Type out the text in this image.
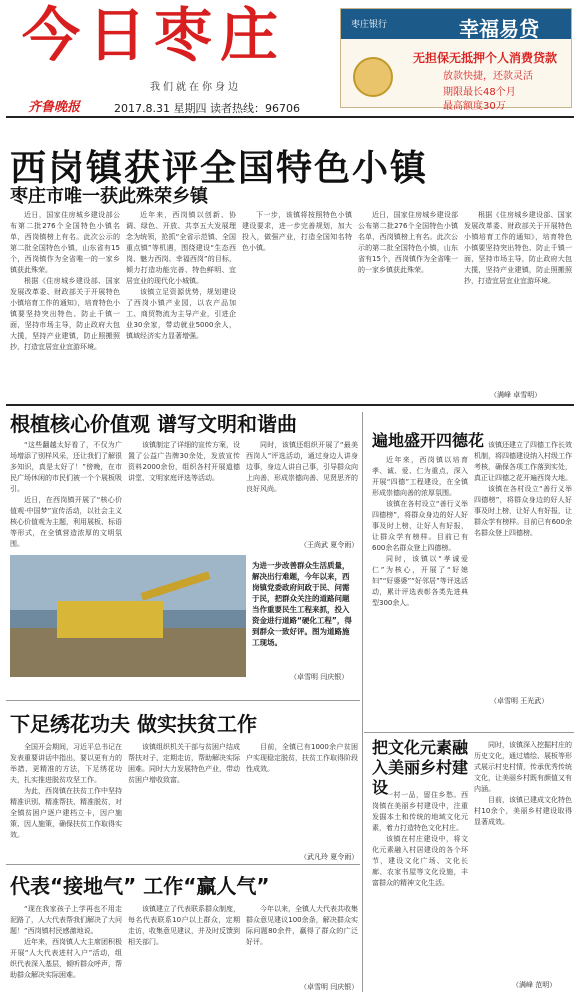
今日枣庄
我们就在你身边
齐鲁晚报	2017.8.31 星期四 读者热线：96706
枣庄银行	幸福易贷
无担保无抵押个人消费贷款
放款快捷，还款灵活
期限最长48个月
最高额度30万
西岗镇获评全国特色小镇
枣庄市唯一获此殊荣乡镇

近日，国家住房城乡建设部公布第二批276个全国特色小镇名单，西岗镇榜上有名。此次公示的第二批全国特色小镇，山东省有15个，西岗镇作为全省唯一的一家乡镇获此殊荣。

根据《住房城乡建设部、国家发展改革委、财政部关于开展特色小镇培育工作的通知》，培育特色小镇要坚持突出特色、防止千镇一面，坚持市场主导，防止政府大包大揽，坚持产业建镇，防止照搬照抄，打造宜居宜业宜游环境。

近年来，西岗镇以创新、协调、绿色、开放、共享五大发展理念为统领，抢抓“全省示范镇、全国重点镇”等机遇，围绕建设“生态西岗、魅力西岗、幸福西岗”的目标，倾力打造功能完善、特色鲜明、宜居宜业的现代化小城镇。

该镇立足资源优势，规划建设了西岗小镇产业园，以农产品加工、商贸物流为主导产业，引进企业30余家，带动就业5000余人，镇域经济实力显著增强。

下一步，该镇将按照特色小镇建设要求，进一步完善规划，加大投入，做强产业，打造全国知名特色小镇。

近日，国家住房城乡建设部公布第二批276个全国特色小镇名单，西岗镇榜上有名。此次公示的第二批全国特色小镇，山东省有15个，西岗镇作为全省唯一的一家乡镇获此殊荣。

根据《住房城乡建设部、国家发展改革委、财政部关于开展特色小镇培育工作的通知》，培育特色小镇要坚持突出特色、防止千镇一面，坚持市场主导，防止政府大包大揽，坚持产业建镇，防止照搬照抄，打造宜居宜业宜游环境。

（满峰 卓雪明）
根植核心价值观 谱写文明和谐曲

“这些翻越太好看了，不仅为广场增添了别样风采，还让我们了解很多知识，真是太好了！”傍晚，在市民广场休闲的市民们被一个个展板吸引。

近日，在西岗镇开展了“核心价值观·中国梦”宣传活动，以社会主义核心价值观为主题，利用展板、标语等形式，在全镇营造浓厚的文明氛围。

该镇制定了详细的宣传方案，设置了公益广告牌30余处，发放宣传资料2000余份，组织各村开展道德讲堂、文明家庭评选等活动。

同时，该镇还组织开展了“最美西岗人”评选活动，通过身边人讲身边事，身边人讲自己事，引导群众向上向善，形成崇德向善、见贤思齐的良好风尚。

（王尚武 夏令雨）
为进一步改善群众生活质量，解决出行难题，今年以来，西岗镇党委政府问政于民、问需于民，把群众关注的道路问题当作重要民生工程来抓，投入资金进行道路“硬化工程”，得到群众一致好评。图为道路施工现场。
（卓雪明 闫庆银）
遍地盛开四德花

近年来，西岗镇以培育孝、诚、爱、仁为重点，深入开展“四德”工程建设，在全镇形成崇德向善的浓厚氛围。

该镇在各村设立“善行义举四德榜”，将群众身边的好人好事及时上榜，让好人有好报，让群众学有榜样。目前已有600余名群众登上四德榜。

同时，该镇以“孝诚爱仁”为核心，开展了“好媳妇”“好婆婆”“好邻居”等评选活动，累计评选表彰各类先进典型300余人。

该镇还建立了四德工作长效机制，将四德建设纳入村级工作考核，确保各项工作落到实处，真正让四德之花开遍西岗大地。

该镇在各村设立“善行义举四德榜”，将群众身边的好人好事及时上榜，让好人有好报，让群众学有榜样。目前已有600余名群众登上四德榜。

（卓雪明 王光武）
下足绣花功夫 做实扶贫工作

全国开会期间，习近平总书记在发表重要讲话中指出，要以更有力的举措、更精准的方法，下足绣花功夫，扎实推进脱贫攻坚工作。

为此，西岗镇在扶贫工作中坚持精准识别、精准帮扶、精准脱贫，对全镇贫困户逐户建档立卡，因户施策、因人施策，确保扶贫工作取得实效。

该镇组织机关干部与贫困户结成帮扶对子，定期走访，帮助解决实际困难。同时大力发展特色产业，带动贫困户增收致富。

目前，全镇已有1000余户贫困户实现稳定脱贫，扶贫工作取得阶段性成效。

（武凡玲 夏令雨）
把文化元素融入美丽乡村建设

一村一品，留住乡愁。西岗镇在美丽乡村建设中，注重发掘本土和传统的地域文化元素，着力打造特色文化村庄。

该镇在村庄建设中，将文化元素融入村居建设的各个环节，建设文化广场、文化长廊、农家书屋等文化设施，丰富群众的精神文化生活。

同时，该镇深入挖掘村庄的历史文化，通过墙绘、展板等形式展示村史村情，传承优秀传统文化，让美丽乡村既有颜值又有内涵。

目前，该镇已建成文化特色村10余个，美丽乡村建设取得显著成效。

（满峰 范明）
代表“接地气” 工作“赢人气”

“现在我家孩子上学再也不用走泥路了，人大代表帮我们解决了大问题！”西岗镇村民感激地说。

近年来，西岗镇人大主席团积极开展“人大代表进村入户”活动，组织代表深入基层，倾听群众呼声，帮助群众解决实际困难。

该镇建立了代表联系群众制度，每名代表联系10户以上群众，定期走访，收集意见建议，并及时反馈到相关部门。

今年以来，全镇人大代表共收集群众意见建议100余条，解决群众实际问题80余件，赢得了群众的广泛好评。

（卓雪明 闫庆银）
